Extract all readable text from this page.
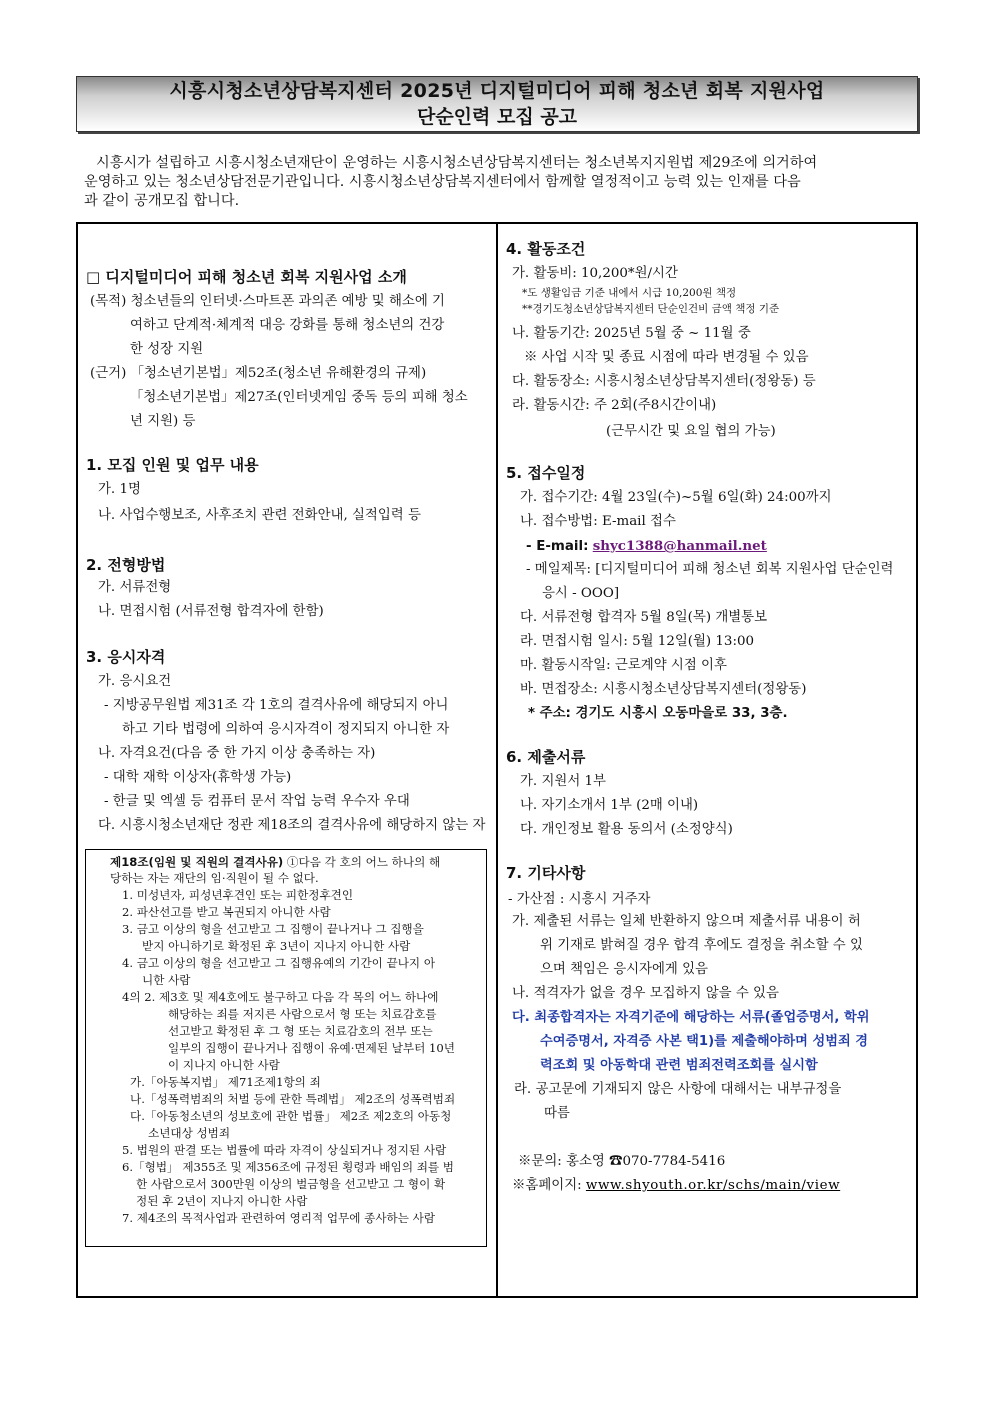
시흥시청소년상담복지센터 2025년 디지털미디어 피해 청소년 회복 지원사업
단순인력 모집 공고
시흥시가 설립하고 시흥시청소년재단이 운영하는 시흥시청소년상담복지센터는 청소년복지지원법 제29조에 의거하여
운영하고 있는 청소년상담전문기관입니다. 시흥시청소년상담복지센터에서 함께할 열정적이고 능력 있는 인재를 다음
과 같이 공개모집 합니다.
□ 디지털미디어 피해 청소년 회복 지원사업 소개
(목적) 청소년들의 인터넷·스마트폰 과의존 예방 및 해소에 기
여하고 단계적·체계적 대응 강화를 통해 청소년의 건강
한 성장 지원
(근거) 「청소년기본법」제52조(청소년 유해환경의 규제)
「청소년기본법」제27조(인터넷게임 중독 등의 피해 청소
년 지원) 등
1. 모집 인원 및 업무 내용
가. 1명
나. 사업수행보조, 사후조치 관련 전화안내, 실적입력 등
2. 전형방법
가. 서류전형
나. 면접시험 (서류전형 합격자에 한함)
3. 응시자격
가. 응시요건
- 지방공무원법 제31조 각 1호의 결격사유에 해당되지 아니
하고 기타 법령에 의하여 응시자격이 정지되지 아니한 자
나. 자격요건(다음 중 한 가지 이상 충족하는 자)
- 대학 재학 이상자(휴학생 가능)
- 한글 및 엑셀 등 컴퓨터 문서 작업 능력 우수자 우대
다. 시흥시청소년재단 정관 제18조의 결격사유에 해당하지 않는 자
제18조(임원 및 직원의 결격사유) ①다음 각 호의 어느 하나의 해
당하는 자는 재단의 임·직원이 될 수 없다.
1. 미성년자, 피성년후견인 또는 피한정후견인
2. 파산선고를 받고 복권되지 아니한 사람
3. 금고 이상의 형을 선고받고 그 집행이 끝나거나 그 집행을
받지 아니하기로 확정된 후 3년이 지나지 아니한 사람
4. 금고 이상의 형을 선고받고 그 집행유예의 기간이 끝나지 아
니한 사람
4의 2. 제3호 및 제4호에도 불구하고 다음 각 목의 어느 하나에
해당하는 죄를 저지른 사람으로서 형 또는 치료감호를
선고받고 확정된 후 그 형 또는 치료감호의 전부 또는
일부의 집행이 끝나거나 집행이 유예·면제된 날부터 10년
이 지나지 아니한 사람
가.「아동복지법」 제71조제1항의 죄
나.「성폭력범죄의 처벌 등에 관한 특례법」 제2조의 성폭력범죄
다.「아동청소년의 성보호에 관한 법률」 제2조 제2호의 아동청
소년대상 성범죄
5. 법원의 판결 또는 법률에 따라 자격이 상실되거나 정지된 사람
6.「형법」 제355조 및 제356조에 규정된 횡령과 배임의 죄를 범
한 사람으로서 300만원 이상의 벌금형을 선고받고 그 형이 확
정된 후 2년이 지나지 아니한 사람
7. 제4조의 목적사업과 관련하여 영리적 업무에 종사하는 사람
4. 활동조건
가. 활동비: 10,200*원/시간
*도 생활임금 기준 내에서 시급 10,200원 책정
**경기도청소년상담복지센터 단순인건비 금액 책정 기준
나. 활동기간: 2025년 5월 중 ~ 11월 중
※ 사업 시작 및 종료 시점에 따라 변경될 수 있음
다. 활동장소: 시흥시청소년상담복지센터(정왕동) 등
라. 활동시간: 주 2회(주8시간이내)
(근무시간 및 요일 협의 가능)
5. 접수일정
가. 접수기간: 4월 23일(수)~5월 6일(화) 24:00까지
나. 접수방법: E-mail 접수
- E-mail: shyc1388@hanmail.net
- 메일제목: [디지털미디어 피해 청소년 회복 지원사업 단순인력
응시 - OOO]
다. 서류전형 합격자 5월 8일(목) 개별통보
라. 면접시험 일시: 5월 12일(월) 13:00
마. 활동시작일: 근로계약 시점 이후
바. 면접장소: 시흥시청소년상담복지센터(정왕동)
* 주소: 경기도 시흥시 오동마을로 33, 3층.
6. 제출서류
가. 지원서 1부
나. 자기소개서 1부 (2매 이내)
다. 개인정보 활용 동의서 (소정양식)
7. 기타사항
- 가산점 : 시흥시 거주자
가. 제출된 서류는 일체 반환하지 않으며 제출서류 내용이 허
위 기재로 밝혀질 경우 합격 후에도 결정을 취소할 수 있
으며 책임은 응시자에게 있음
나. 적격자가 없을 경우 모집하지 않을 수 있음
다. 최종합격자는 자격기준에 해당하는 서류(졸업증명서, 학위
수여증명서, 자격증 사본 택1)를 제출해야하며 성범죄 경
력조회 및 아동학대 관련 범죄전력조회를 실시함
라. 공고문에 기재되지 않은 사항에 대해서는 내부규정을
따름
※문의: 홍소영 ☎070-7784-5416
※홈페이지: www.shyouth.or.kr/schs/main/view
